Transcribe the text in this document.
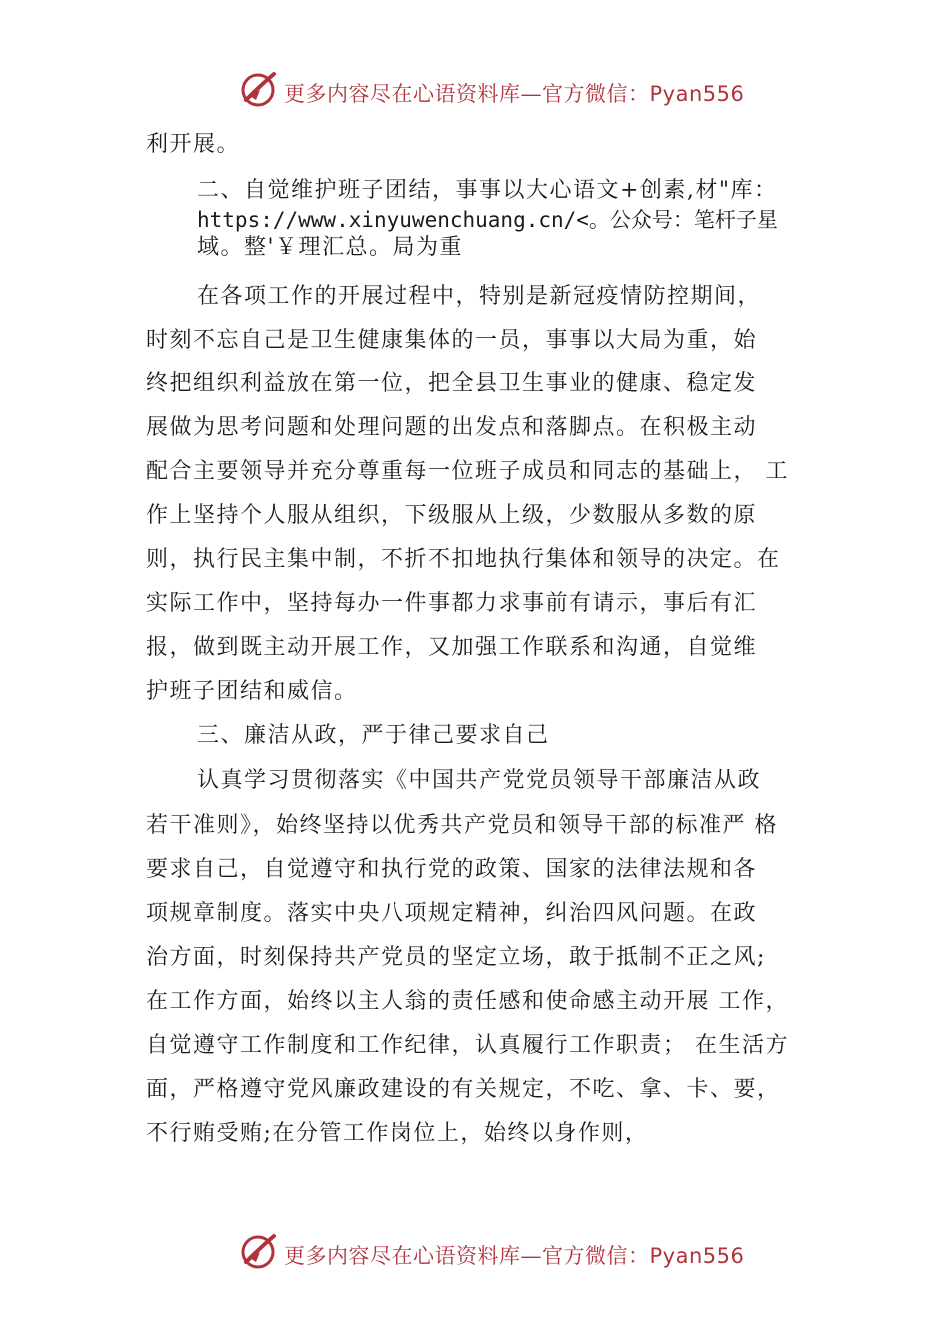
更多内容尽在心语资料库—官方微信：Pyan556
利开展。
二、自觉维护班子团结，事事以大心语文+创素,材"库：
https://www.xinyuwenchuang.cn/<。公众号：笔杆子星
域。整'￥理汇总。局为重
在各项工作的开展过程中，特别是新冠疫情防控期间，
时刻不忘自己是卫生健康集体的一员，事事以大局为重，始
终把组织利益放在第一位，把全县卫生事业的健康、稳定发
展做为思考问题和处理问题的出发点和落脚点。在积极主动
配合主要领导并充分尊重每一位班子成员和同志的基础上， 工
作上坚持个人服从组织，下级服从上级，少数服从多数的原
则，执行民主集中制，不折不扣地执行集体和领导的决定。在
实际工作中，坚持每办一件事都力求事前有请示，事后有汇
报，做到既主动开展工作，又加强工作联系和沟通，自觉维
护班子团结和威信。
三、廉洁从政，严于律己要求自己
认真学习贯彻落实《中国共产党党员领导干部廉洁从政
若干准则》，始终坚持以优秀共产党员和领导干部的标准严 格
要求自己，自觉遵守和执行党的政策、国家的法律法规和各
项规章制度。落实中央八项规定精神，纠治四风问题。在政
治方面，时刻保持共产党员的坚定立场，敢于抵制不正之风;
在工作方面，始终以主人翁的责任感和使命感主动开展 工作，
自觉遵守工作制度和工作纪律，认真履行工作职责； 在生活方
面，严格遵守党风廉政建设的有关规定，不吃、拿、卡、要，
不行贿受贿;在分管工作岗位上，始终以身作则，
更多内容尽在心语资料库—官方微信：Pyan556
